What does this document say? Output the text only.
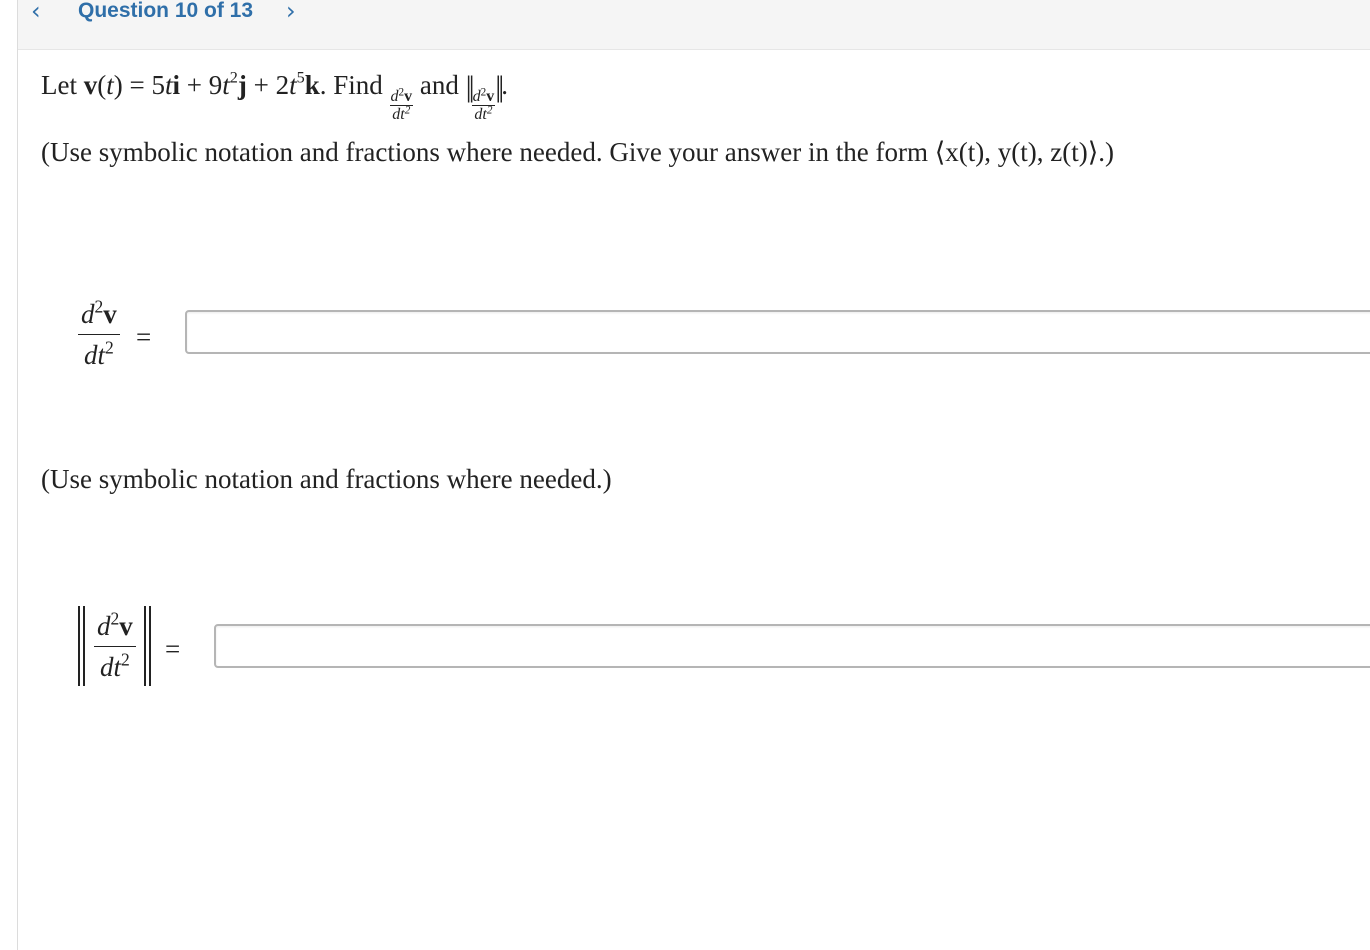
‹ Question 10 of 13 ›
Let $v(t) = 5ti + 9t^2j + 2t^5k$. Find
$\frac{d^2v}{dt^2}$
and ||
$\frac{d^2v}{dt^2}$
||.
(Use symbolic notation and fractions where needed. Give your answer in the form ⟨x(t), y(t), z(t)⟩.)
$\frac{d^2v}{dt^2}$ =
(Use symbolic notation and fractions where needed.)
$\frac{d^2v}{dt^2}$ =
